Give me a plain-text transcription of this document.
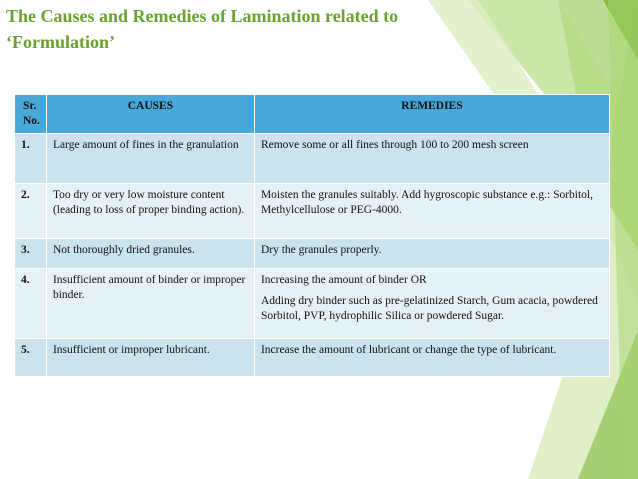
The Causes and Remedies of Lamination related to ‘Formulation’
Sr.
No.	CAUSES	REMEDIES
1.	Large amount of fines in the granulation	Remove some or all fines through 100 to 200 mesh screen

2.	Too dry or very low moisture content (leading to loss of proper binding action).	Moisten the granules suitably. Add hygroscopic substance e.g.: Sorbitol, Methylcellulose or PEG-4000.

3.	Not thoroughly dried granules.	Dry the granules properly.

4.	Insufficient amount of binder or improper binder.	Increasing the amount of binder OR

Adding dry binder such as pre-gelatinized Starch, Gum acacia, powdered Sorbitol, PVP, hydrophilic Silica or powdered Sugar.

5.	Insufficient or improper lubricant.	Increase the amount of lubricant or change the type of lubricant.
